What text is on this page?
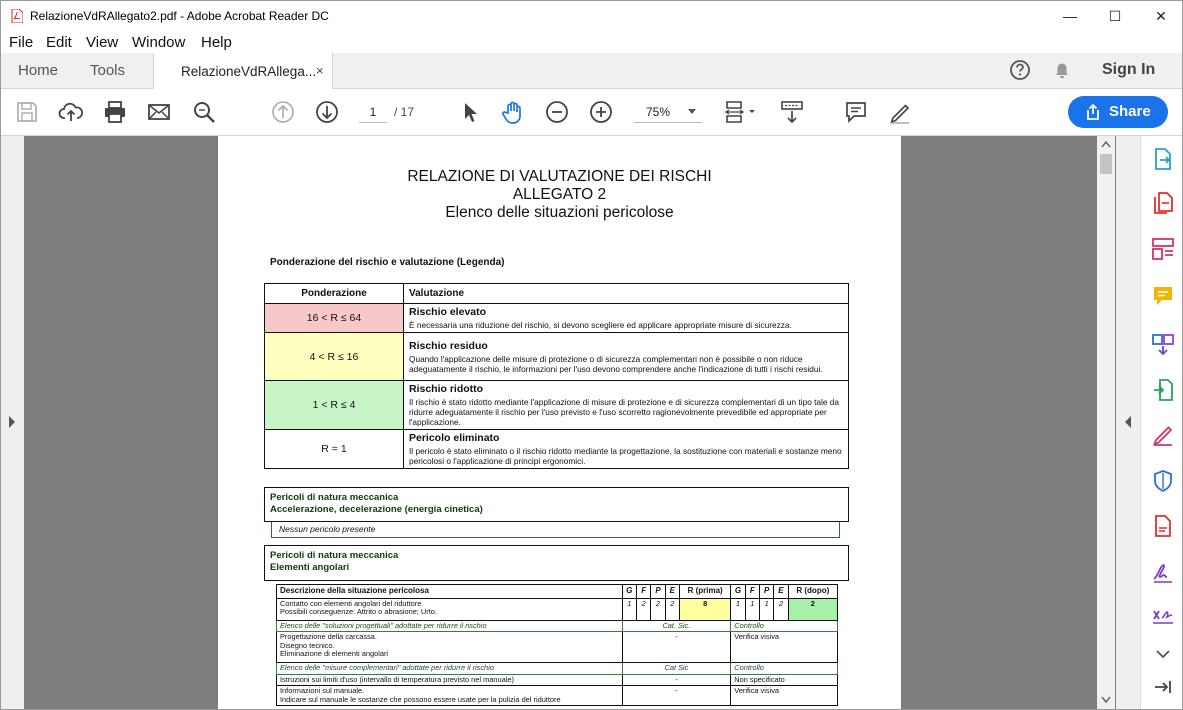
RelazioneVdRAllegato2.pdf - Adobe Acrobat Reader DC	—	☐	✕
File Edit View Window Help
Home Tools	RelazioneVdRAllega... ×	Sign In
1	/ 17	75%	Share
RELAZIONE DI VALUTAZIONE DEI RISCHI
ALLEGATO 2
Elenco delle situazioni pericolose
Ponderazione del rischio e valutazione (Legenda)
Ponderazione	Valutazione
16 < R ≤ 64	Rischio elevato
È necessaria una riduzione del rischio, si devono scegliere ed applicare appropriate misure di sicurezza.
4 < R ≤ 16	Rischio residuo
Quando l'applicazione delle misure di protezione o di sicurezza complementari non è possibile o non riduce adeguatamente il rischio, le informazioni per l'uso devono comprendere anche l'indicazione di tutti i rischi residui.
1 < R ≤ 4	Rischio ridotto
Il rischio è stato ridotto mediante l'applicazione di misure di protezione e di sicurezza complementari di un tipo tale da ridurre adeguatamente il rischio per l'uso previsto e l'uso scorretto ragionevolmente prevedibile ed appropriate per l'applicazione.
R = 1	Pericolo eliminato
Il pericolo è stato eliminato o il rischio ridotto mediante la progettazione, la sostituzione con materiali e sostanze meno pericolosi o l'applicazione di principi ergonomici.
Pericoli di natura meccanica
Accelerazione, decelerazione (energia cinetica)
Nessun pericolo presente
Pericoli di natura meccanica
Elementi angolari
Descrizione della situazione pericolosa	G	F	P	E	R (prima)	G	F	P	E	R (dopo)

Contatto con elementi angolari del riduttore
Possibili conseguenze: Attrito o abrasione; Urto.	1	2	2	2	8	1	1	1	2	2
Elenco delle "soluzioni progettuali" adottate per ridurre il rischio	Cat. Sic.					Controllo				

Progettazione della carcassa.
Disegno tecnico.
Eliminazione di elementi angolari	-					Verifica visiva				
Elenco delle "misure complementari" adottate per ridurre il rischio	Cat Sic					Controllo				
Istruzioni sui limiti d'uso (intervallo di temperatura previsto nel manuale)	-					Non specificato				

Informazioni sul manuale.
Indicare sul manuale le sostanze che possono essere usate per la pulizia del riduttore	-					Verifica visiva				
